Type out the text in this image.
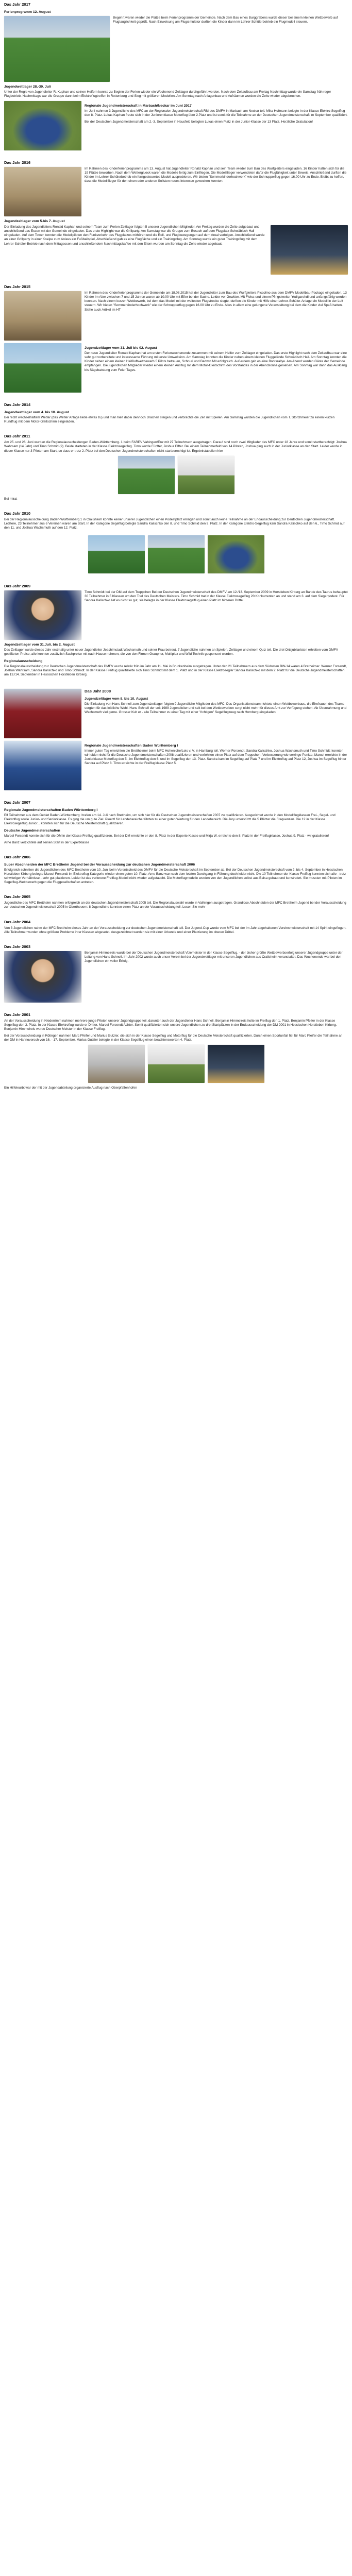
Das Jahr 2017
Ferienprogramm 12. August
Begehrt waren wieder die Plätze beim Ferienprogramm der Gemeinde. Nach dem Bau eines Burggrabens wurde dieser bei einem kleinen Wettbewerb auf Flugtauglichkeit geprüft. Nach Einweisung am Flugsimulator durften die Kinder dann im Lehrer-Schülerbetrieb ein Flugmodell steuern.
Jugendwettlager 28.-30. Juli
Unter der Regie von Jugendleiter R. Kuphan und seinen Helfern konnte zu Beginn der Ferien wieder ein Wochenend-Zeltlager durchgeführt werden. Nach dem Zeltaufbau am Freitag Nachmittag wurde ein Samstag früh reger Flugbetrieb. Nachmittags war die Gruppe dann beim Elektroflugtreffen in Rottenburg und Sieg mit größeren Modellen. Am Sonntag nach Anlagenbau und Aufräumen wurden die Zelte wieder abgebrochen.
Regionale Jugendmeisterschaft in Marbach/Neckar im Juni 2017
Im Juni nahmen 3 Jugendliche des MFC an der Regionalen Jugendmeisterschaft RM des DMFV in Marbach am Neckar teil. Mika Hofmann belegte in der Klasse Elektro-Segelflug den 8. Platz. Lukas Kaphan freute sich in der Juniorenklasse Motorflug über 2.Platz und ist somit für die Teilnahme an der Deutschen Jugendmeisterschaft im September qualifiziert.
Bei der Deutschen Jugendmeisterschaft am 2.-3. September in Hausfeld belegten Lukas einen Platz in der Junior-Klasse der 13 Platz. Herzliche Gratulation!
Das Jahr 2016
Im Rahmen des Kinderferienprogramms am 13. August hat Jugendleiter Ronald Kaphan und sein Team wieder zum Bau des Wurfgleiters eingeladen. 16 Kinder hatten sich für die 19 Plätze beworben. Nach dem Wetterglueck waren die Modelle fertig zum Einfliegen. Die Modellflieger verwendeten dafür die Flugfähigkeit unter Beweis. Anschließend durften die Kinder im Lehrer-Schülerbetrieb ein ferngesteuertes Modell ausprobieren. Wir bieten "Sommerkinderhochwerk" wie der Schnupperflug gegen 16.00 Uhr zu Ende. Bleibt zu hoffen, dass die Modellflieger für den einen oder anderen Solisten neues Interesse gewecken konnten.
Jugendzeltlager vom 5.bis 7. August
Der Einladung des Jugendleiters Ronald Kaphan und seinem Team zum Ferien-Zeltlager folgten 5 unserer Jugendlichen Mitglieder. Am Freitag wurden die Zelte aufgebaut und anschließend das Essen mit der Gemeinde eingeladen. Das erste Highlight war die Grillparty. Am Samstag war die Gruppe zum Besuch auf dem Flugplatz Schwäbisch Hall eingeladen. Auf dem Tower konnten die Modellpiloten den Funkverkehr des Flugplatzes mithören und die Roll- und Flugbewegungen auf dem Areal verfolgen. Anschließend wurde an einer Grillparty in einer Kneipe zum Anlass ein Fußballspiel, Abschließend gab es eine Flugfläche und ein Trainingsflug. Am Sonntag wurde ein guter Trainingsflug mit dem Lehrer-Schüler-Betrieb nach dem Mittagessen und anschließendem Nachmittagskaffee mit den Eltern wurden am Sonntag die Zelte wieder abgebaut.
Das Jahr 2015
Im Rahmen des Kinderferienprogramms der Gemeinde am 18.08.2015 hat der Jugendleiter zum Bau des Wurfgleiters Piccolino aus dem DMFV Modellbau-Package eingeladen. 13 Kinder im Alter zwischen 7 und 15 Jahren waren ab 10:00 Uhr mit Eifer bei der Sache. Leider vor Gewitter. Mit Fleiss und einem Pfingstweiter Yedigarehdi und anfangsfähig werden konnten. Nach einem kurzen Wettbewerb, bei dem das Modell mit der weitesten Flugstrecke siegte, durften die Kinder mit Hilfe einer Lehrer-Schüler-Anlage ein Modell in der Luft steuern. Wir bieten "Sommerkinderhochwerk" wie der Schnupperflug gegen 16.00 Uhr zu Ende. Alles in allem eine gelungene Veranstaltung bei dem die Kinder viel Spaß hatten. Siehe auch Artikel im HT
Jugendzeltlager vom 31. Juli bis 02. August
Der neue Jugendleiter Ronald Kaphan hat am ersten Ferienwochenende zusammen mit seinem Helfer zum Zeltlager eingeladen. Das erste Highlight nach dem Zeltaufbau war eine sehr gut vorbereitete und interessante Führung mit erste Umweltsinn. Am Samstag konnten die Kinder neben einem kleinen Fluggelände Schwäbisch Hall. Am Sonntag konnten die Kinder neben einem kleinen Heißluftwettbewerb 5 Pilots betreuen, Schnuri und Badwin Mit erfolgreich. Außerdem gab es eine Bootsrallye. Am Abend wurden Gäste der Gemeinde empfangen. Die jugendlichen Mitglieder wieder einem kleinen Ausflug mit dem Motor-Gleitschirm des Vorstandes in der Abendsonne genießen. Am Sonntag war dann das Ausklang bis Sägebatstung zum Feier Tages.
Das Jahr 2014
Jugendwettlager vom 4. bis 10. August
Bei recht wechselhaftem Wetter (das Wetter Anlage ließe etwas zu) und man hielt dabei dennoch Drachen steigen und verbrachte die Zeit mit Spielen. Am Samstag wurden die Jugendlichen vom T. Storchmeier zu einem kurzen Rundflug mit dem Motor-Gleitschirm eingeladen.
Das Jahr 2011
Am 25. und 26. Juni wurden die Regionalausscheidungen Baden-Württemberg. 1 beim FAREV Vahingen/Enz mit 27 Teilnehmern ausgetragen. Darauf sind noch zwei Mitglieder des MFC unter 18 Jahre und somit startberechtigt: Joshua Wahrsam (14 Jahr) und Timo Schmid (9). Beide starteten in der Klasse Elektrosegelflug. Timo wurde Fünfter, Joshua Elfter. Bei einem Teilnehmerfeld von 14 Piloten, Joshua ging auch in der Juniorklasse an den Start. Leider wurde in dieser Klasse nur 3 Piloten am Start, so dass er trotz 2. Platz bei den Deutschen Jugendmeisterschaften nicht startberechtigt ist. Ergebnistabellen hier
Bei mirat
Das Jahr 2010
Bei der Regionalausscheidung Baden-Württemberg 1 in Crailsheim konnte keiner unserer Jugendlichen einen Podestplatz erringen und somit auch keine Teilnahme an der Endausscheidung zur Deutschen Jugendmeisterschaft. Letztere, 23 Teilnehmer aus 6 Vereinen waren am Start. In der Kategorie Segelflug belegte Sandra Kalischko den 8. und Timo Schmid den 9. Platz. In der Kategorie Elektro-Segelflug kam Sandra Kalischko auf den 6., Timo Schmid auf den 11. und Joshua Wachsmuth auf den 12. Platz.
Das Jahr 2009
Timo Schmidt bei der DM auf dem Treppchen Bei der Deutschen Jugendmeisterschaft des DMFV am 12./13. September 2009 in Horstleben Kirberg an Bande des Taurus behauptet 30 Teilnehmer in 5 Klassen um den Titel des Deutschen Meisters. Timo Schmid trat in der Klasse Elektrosegelflug 20 Konkurrenten an und stand am 3. auf dem Siegerpodest. Für Sandra Kalischko lief es nicht so gut, sie belegte in der Klasse Elektrosegelflug einen Platz im hinteren Drittel.
Jugendzeltlager vom 31.Juli. bis 2. August
Das Zeltlager wurde dieses Jahr erstmalig unter neuer Jugendleiter Jeachimstadt Wachsmuth und seiner Frau betreut. 7 Jugendliche nahmen an Spielen, Zeltlager und einem Quiz teil. Die drei Ortsjubilaristen erhielten vom DMFV gestifteten Preise, alle konnten zusätzlich Sachpreise mit nach Hause nehmen, die von den Firmen Graupner, Multiplex und Wild Technik gesponsert wurden.
Regionalausscheidung
Die Regionalausscheidung zur Deutschen Jugendmeisterschaft des DMFV wurde relativ früh im Jahr am 11. Mai in Bruckenheim ausgetragen. Unter den 21 Teilnehmern aus dem Südosten BW-14 waren 4 Bretheimer. Werner Forsendt, Joshua Wahrsam, Sandra Kalischko und Timo Schmidt. In der Klasse Freiflug qualifizierte sich Timo Schmidt mit dem 1. Platz und in der Klasse Elektrosegler Sandra Kalischko mit dem 2. Platz für die Deutsche Jugendmeisterschaften am 13./14. September in Hessischen Horstleben Kirberg.
Das Jahr 2008
Jugendzeltlager vom 8. bis 10. August
Die Einladung von Hans Schnell zum Jugendzeltlager folgten 9 Jugendliche Mitglieder des MFC. Das Organisationsteam richtete einen Wettbewerbaus, die Ehefrauen des Teams sorgten für das leibliche Wohl. Hans Schnell der seit 1989 Jugendleiter und seit bei den Wettbewerben sorgt nicht mehr für dieses Amt zur Verfügung stehen. Ab Übernahmung und Wachsmuth viel gerne. Grosser Kult er - alle Teilnehmer zu einer Tag mit einer "richtigen" Segelflugzeug nach Hornberg eingeladen.
Regionale Jugendmeisterschaften Baden Württemberg I
Immer guten Tag erreichten die Brettheimer beim MFC Hohenlohe/Leis v. V. in Hamburg teil. Werner Forsendt, Sandra Kalischko, Joshua Wachsmuth und Timo Schmidt: konnten wir leider nicht für die Deutsche Jugendmeisterschaften 2008 qualifizieren und verfehlten einen Platz auf dem Treppchen. Verbesserung wie verringe Punkte. Marcel erreichte in der Juniorklasse Motorflug den 5., im Elektroflug den 6. und im Segelflug den 13. Platz. Sandra kam im Segelflug auf Platz 7 und im Elektroflug auf Platz 12, Joshua im Segelflug hinter Sandra auf Platz 8. Timo erreichte in der Freiflugklasse Platz 5.
Das Jahr 2007
Regionale Jugendmeisterschaften Baden Württemberg I
Elf Teilnehmer aus dem Gebiet Baden-Württemberg I trafen am 14. Juli nach Brettheim, um sich hier für die Deutschen Jugendmeisterschaften 2007 zu qualifizieren. Ausgerichtet wurde in den Modellflugklassen Frei-, Segel- und Elektroflug sowie Junior- und Seniorklasse. Es ging die um gute Ziel. Ploetzl für Landebereiche führten zu einer guten Wertung für den Landebereich. Die Jury unterstützt die 5 Plätzer die Frequenzen. Die 12 in der Klasse Elektrosegelflug Junior... konnten sich für die Deutsche Meisterschaft qualifizieren.
Deutsche Jugendmeisterschaften
Marcel Forsendt konnte sich für die DM in der Klasse Freiflug qualifizieren. Bei der DM erreichte er den 8. Platz in der Experte Klasse und Mirja W. erreichte den 8. Platz in der Freiflugklasse, Joshua 9. Platz - wir gratulieren!
Arne Banz verzichtete auf seinen Start in der Expertklasse
Das Jahr 2006
Super Abschneiden der MFC Brettheim Jugend bei der Vorausscheidung zur deutschen Jugendmeisterschaft 2006
Erfolgreich schnitten die Jugendlichen des MFC Brettheim vom 10. Juni beim Vorentscheid des DMFV für die Deutsche Meisterschaft im September ab. Bei der Deutschen Jugendmeisterschaft vom 2. bis 4. September in Hessischen Horstleben Kirberg belegte Marcel Forsendt im Elektroflug-Kategorie wieder einen guten 10. Platz. Arne Banz war nach dem letzten Durchgang in Führung doch leider nicht. Die 10 Teilnehmer der Klasse Freiflug konnten sich alle - trotz schwieriger Verhältnisse - sehr gut platzieren. Leider ist das verlorene Freiflug-Modell nicht wieder aufgetaucht. Die Motorflugmodelle wurden von den Jugendlichen selbst aus Balsa gebaut und konstruiert. Sie mussten mit Piloten im Segelflug-Wettbewerb gegen die Fluggesellschaften antreten.
Das Jahr 2005
Jugendliche des MFC Brettheim nahmen erfolgreich an der deutschen Jugendmeisterschaft 2005 teil. Die Regionalauswahl wurde in Vaihingen ausgetragen. Grandiose Abschneiden der MFC Brettheim Jugend bei der Vorausscheidung zur deutschen Jugendmeisterschaft 2005 in Obertheuem: 8 Jugendliche konnten einen Platz an der Vorausscheidung teil. Lesen Sie mehr
Das Jahr 2004
Von 3 Jugendlichen nahm der MFC Brettheim dieses Jahr an der Vorausscheidung zur deutschen Jugendmeisterschaft teil. Der Jugend-Cup wurde vom MFC bei der im Jahr abgehaltenen Vereinsmeisterschaft mit 14 Spirit eingeflogen. Alle Teilnehmer wurden ohne größere Probleme ihrer Klassen abgesetzt. Ausgezeichnet wurden sie mit einer Urkunde und einer Platzierung im oberen Drittel.
Das Jahr 2003
Benjamin Himmelreis wurde bei der Deutschen Jugendmeisterschaft Vizemeister in der Klasse Segelflug. - der bisher größte Wettbewerbserfolg unserer Jugendgruppe unter der Leitung von Hans Schnell. Im Jahr 2002 wurde auch unser Verein bei der Jugendwettlager mit unseren Jugendlichen aus Crailsheim veranstaltet. Das Wochenende war bei den Jugendlichen ein voller Erfolg.
Das Jahr 2001
An der Vorausscheidung in Niederrimm nahmen mehrere junge Piloten unserer Jugendgruppe teil, darunter auch der Jugendleiter Hans Schnell. Benjamin Himmelreis holte im Freiflug den 1. Platz, Benjamin Pfeifer in der Klasse Segelflug den 3. Platz. In der Klasse Elektroflug wurde er Dritter, Marcel Forsendt Achter. Somit qualifizierten sich unsere Jugendlichen zu drei Startplätzen in der Endausscheidung der DM 2001 in Hessischen Horstleben Kirberg. Benjamin Himmelreis wurde Deutscher Meister in der Klasse Freiflug.
Bei der Vorausscheidung in Rötingen nahmen Marc Pfeifer und Marius Gutzler, die sich in der Klasse Segelflug und Motorflug für die Deutsche Meisterschaft qualifizierten. Durch einen Sportunfall fiel für Marc Pfeifer die Teilnahme an der DM in Hannoversch von 16. - 17. September. Marius Gutzler belegte in der Klasse Segelflug einen beachtenswerten 4. Platz.
Ein Hilfeleurbt war der mit der Jugendabteilung organisierte Ausflug nach Oberpfaffenhofen
